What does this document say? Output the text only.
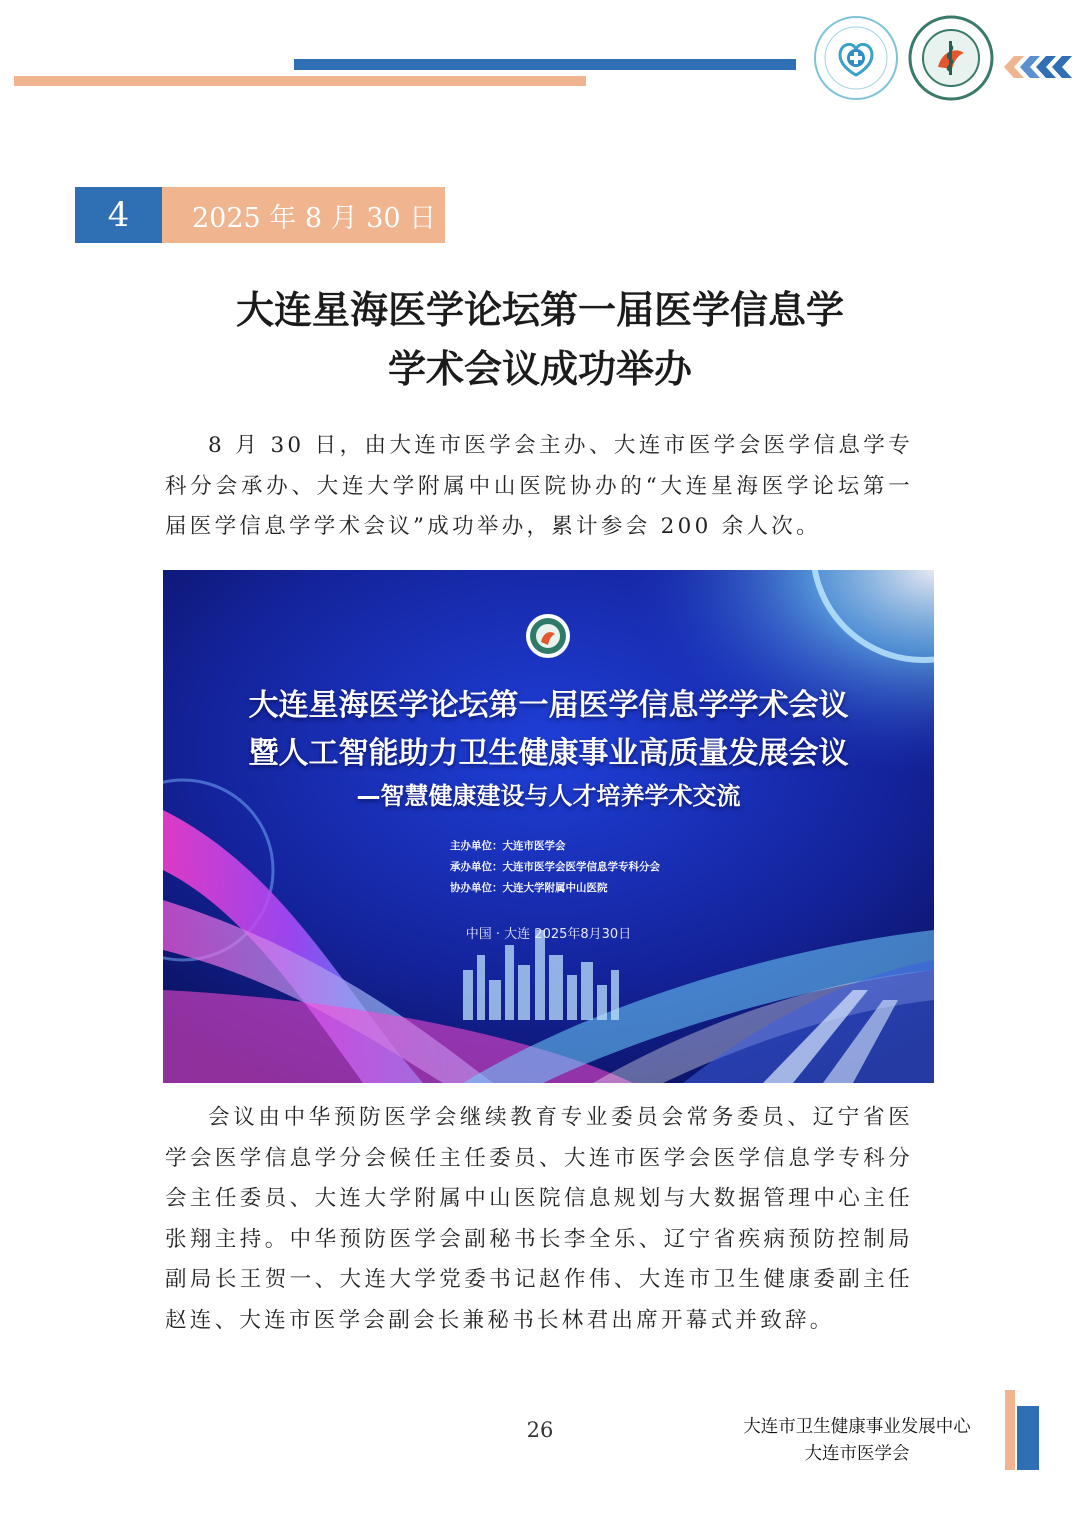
4	2025 年 8 月 30 日
大连星海医学论坛第一届医学信息学
学术会议成功举办
8 月 30 日，由大连市医学会主办、大连市医学会医学信息学专科分会承办、大连大学附属中山医院协办的“大连星海医学论坛第一届医学信息学学术会议”成功举办，累计参会 200 余人次。
大连星海医学论坛第一届医学信息学学术会议
暨人工智能助力卫生健康事业高质量发展会议
—智慧健康建设与人才培养学术交流
主办单位：大连市医学会
承办单位：大连市医学会医学信息学专科分会
协办单位：大连大学附属中山医院
中国 · 大连 2025年8月30日
会议由中华预防医学会继续教育专业委员会常务委员、辽宁省医学会医学信息学分会候任主任委员、大连市医学会医学信息学专科分会主任委员、大连大学附属中山医院信息规划与大数据管理中心主任张翔主持。中华预防医学会副秘书长李全乐、辽宁省疾病预防控制局副局长王贺一、大连大学党委书记赵作伟、大连市卫生健康委副主任赵连、大连市医学会副会长兼秘书长林君出席开幕式并致辞。
26	大连市卫生健康事业发展中心
大连市医学会
